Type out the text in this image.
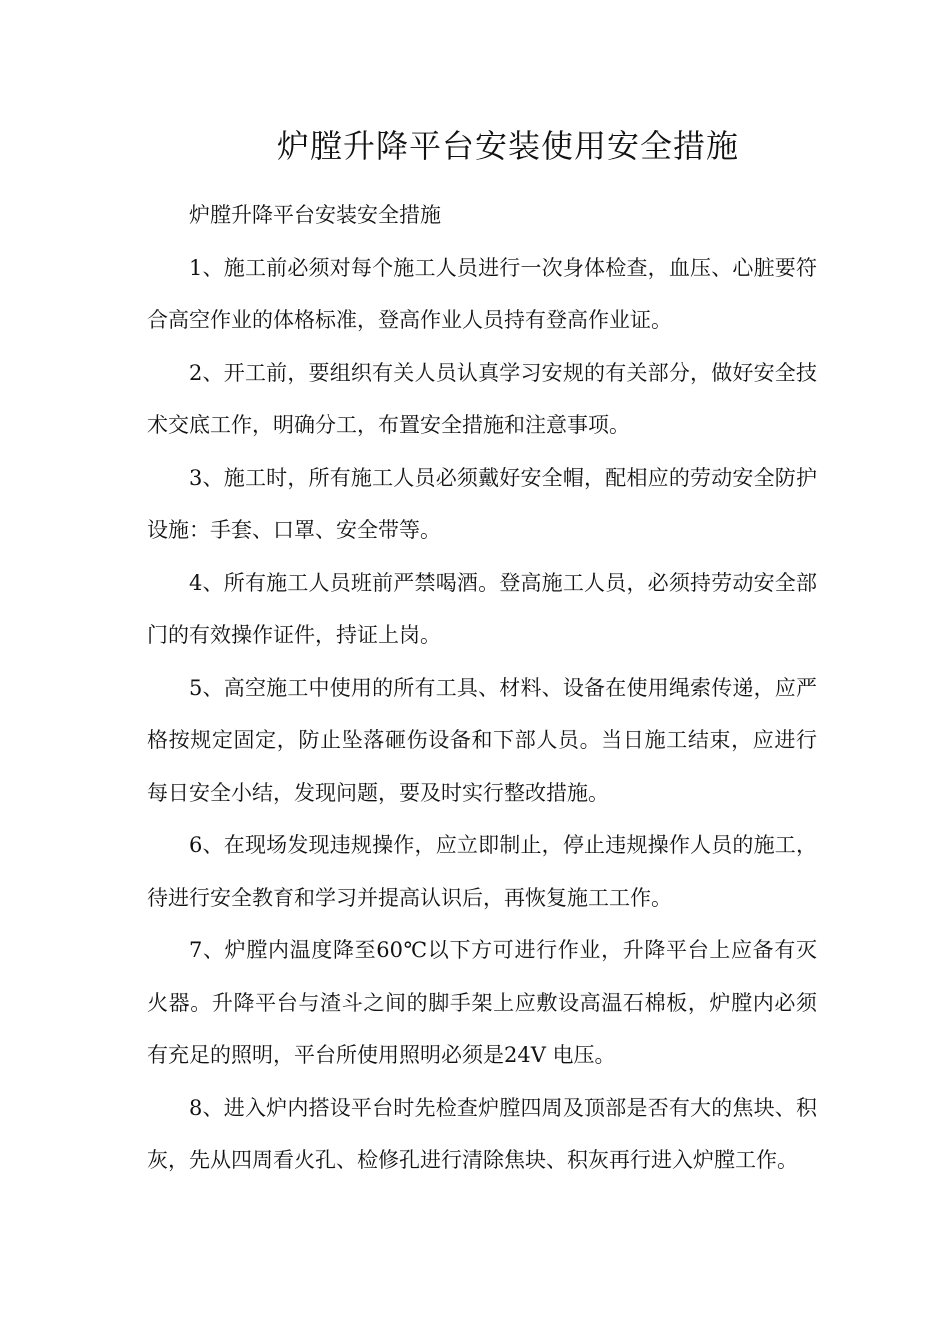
炉膛升降平台安装使用安全措施

炉膛升降平台安装安全措施

1、施工前必须对每个施工人员进行一次身体检查，血压、心脏要符合高空作业的体格标准，登高作业人员持有登高作业证。

2、开工前，要组织有关人员认真学习安规的有关部分，做好安全技术交底工作，明确分工，布置安全措施和注意事项。

3、施工时，所有施工人员必须戴好安全帽，配相应的劳动安全防护设施：手套、口罩、安全带等。

4、所有施工人员班前严禁喝酒。登高施工人员，必须持劳动安全部门的有效操作证件，持证上岗。

5、高空施工中使用的所有工具、材料、设备在使用绳索传递，应严格按规定固定，防止坠落砸伤设备和下部人员。当日施工结束，应进行每日安全小结，发现问题，要及时实行整改措施。

6、在现场发现违规操作，应立即制止，停止违规操作人员的施工，待进行安全教育和学习并提高认识后，再恢复施工工作。

7、炉膛内温度降至60℃以下方可进行作业，升降平台上应备有灭火器。升降平台与渣斗之间的脚手架上应敷设高温石棉板，炉膛内必须有充足的照明，平台所使用照明必须是24V 电压。

8、进入炉内搭设平台时先检查炉膛四周及顶部是否有大的焦块、积灰，先从四周看火孔、检修孔进行清除焦块、积灰再行进入炉膛工作。
